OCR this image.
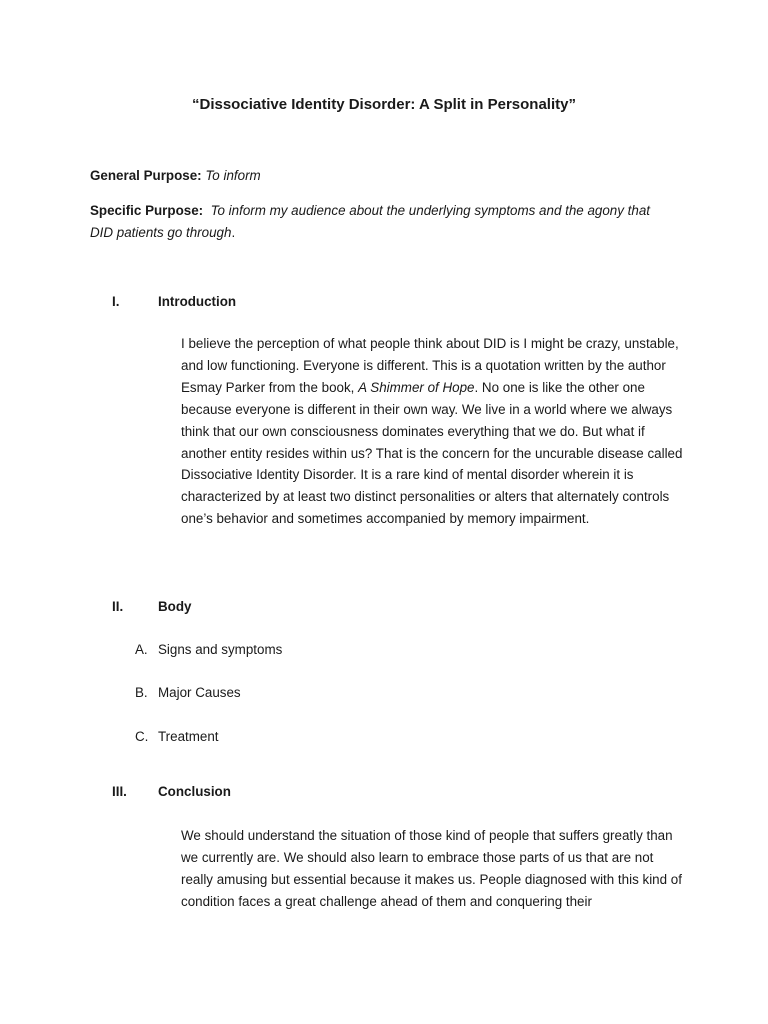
“Dissociative Identity Disorder: A Split in Personality”
General Purpose: To inform
Specific Purpose: To inform my audience about the underlying symptoms and the agony that
DID patients go through.
I.	Introduction

I believe the perception of what people think about DID is I might be crazy, unstable, and low functioning. Everyone is different. This is a quotation written by the author Esmay Parker from the book, A Shimmer of Hope. No one is like the other one because everyone is different in their own way. We live in a world where we always think that our own consciousness dominates everything that we do. But what if another entity resides within us? That is the concern for the uncurable disease called Dissociative Identity Disorder. It is a rare kind of mental disorder wherein it is characterized by at least two distinct personalities or alters that alternately controls one’s behavior and sometimes accompanied by memory impairment.

II.	Body
A. Signs and symptoms
B. Major Causes
C. Treatment
III. Conclusion

We should understand the situation of those kind of people that suffers greatly than we currently are. We should also learn to embrace those parts of us that are not really amusing but essential because it makes us. People diagnosed with this kind of condition faces a great challenge ahead of them and conquering their
